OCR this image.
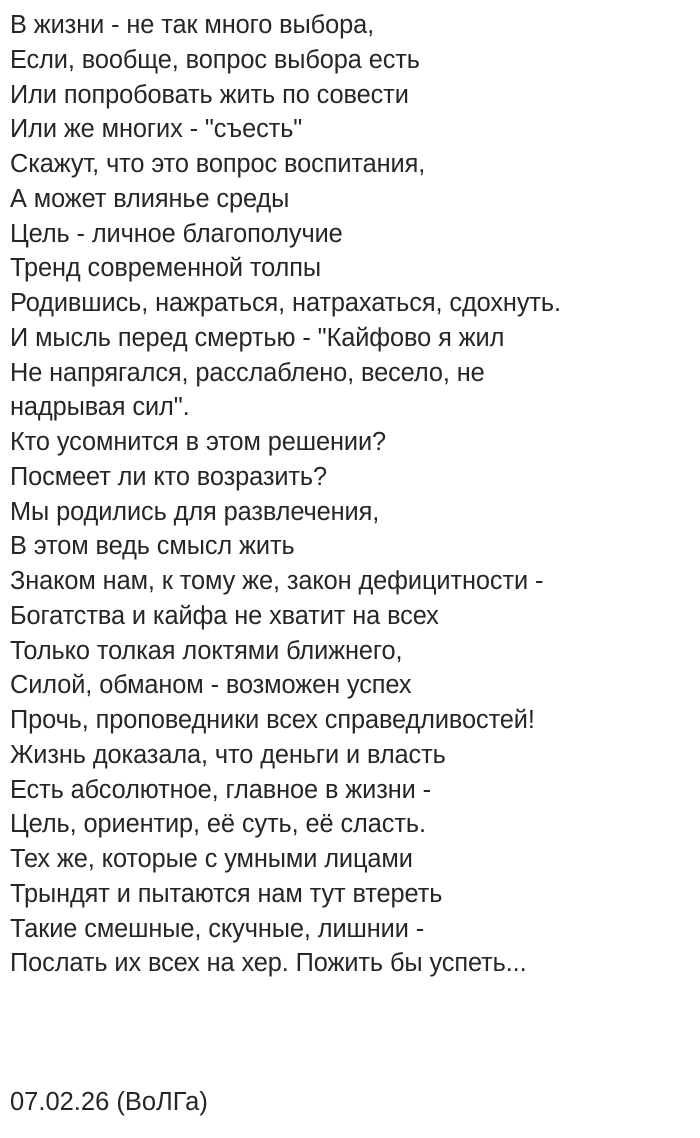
В жизни - не так много выбора,
Если, вообще, вопрос выбора есть
Или попробовать жить по совести
Или же многих - "съесть"
Скажут, что это вопрос воспитания,
А может влиянье среды
Цель - личное благополучие
Тренд современной толпы
Родившись, нажраться, натрахаться, сдохнуть.
И мысль перед смертью - "Кайфово я жил
Не напрягался, расслаблено, весело, не
надрывая сил".
Кто усомнится в этом решении?
Посмеет ли кто возразить?
Мы родились для развлечения,
В этом ведь смысл жить
Знаком нам, к тому же, закон дефицитности -
Богатства и кайфа не хватит на всех
Только толкая локтями ближнего,
Силой, обманом - возможен успех
Прочь, проповедники всех справедливостей!
Жизнь доказала, что деньги и власть
Есть абсолютное, главное в жизни -
Цель, ориентир, её суть, её сласть.
Тех же, которые с умными лицами
Трындят и пытаются нам тут втереть
Такие смешные, скучные, лишнии -
Послать их всех на хер. Пожить бы успеть...
07.02.26 (ВоЛГа)
